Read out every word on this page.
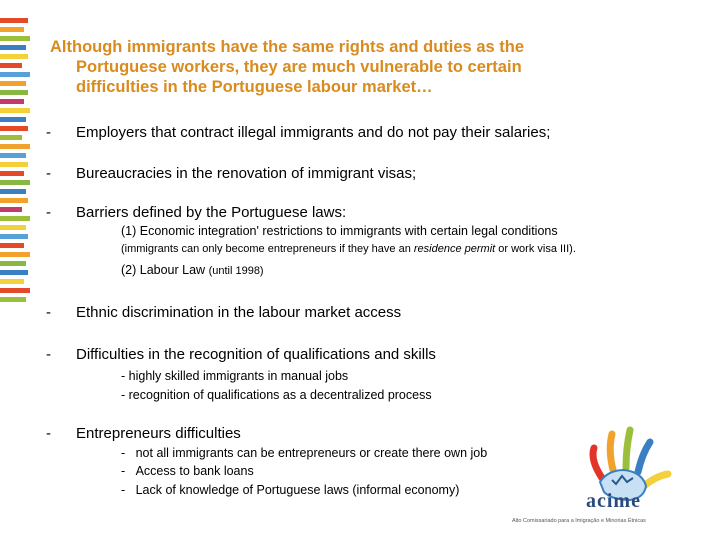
Although immigrants have the same rights and duties as the
Portuguese workers, they are much vulnerable to certain
difficulties in the Portuguese labour market…
- Employers that contract illegal immigrants and do not pay their salaries;
- Bureaucracies in the renovation of immigrant visas;
- Barriers defined by the Portuguese laws:
(1) Economic integration' restrictions to immigrants with certain legal conditions
(immigrants can only become entrepreneurs if they have an residence permit or work visa III).
(2) Labour Law (until 1998)
- Ethnic discrimination in the labour market access
- Difficulties in the recognition of qualifications and skills
- highly skilled immigrants in manual jobs
- recognition of qualifications as a decentralized process
- Entrepreneurs difficulties
- not all immigrants can be entrepreneurs or create there own job
- Access to bank loans
- Lack of knowledge of Portuguese laws (informal economy)	acime
Alto Comissariado para a Imigração e Minorias Étnicas
